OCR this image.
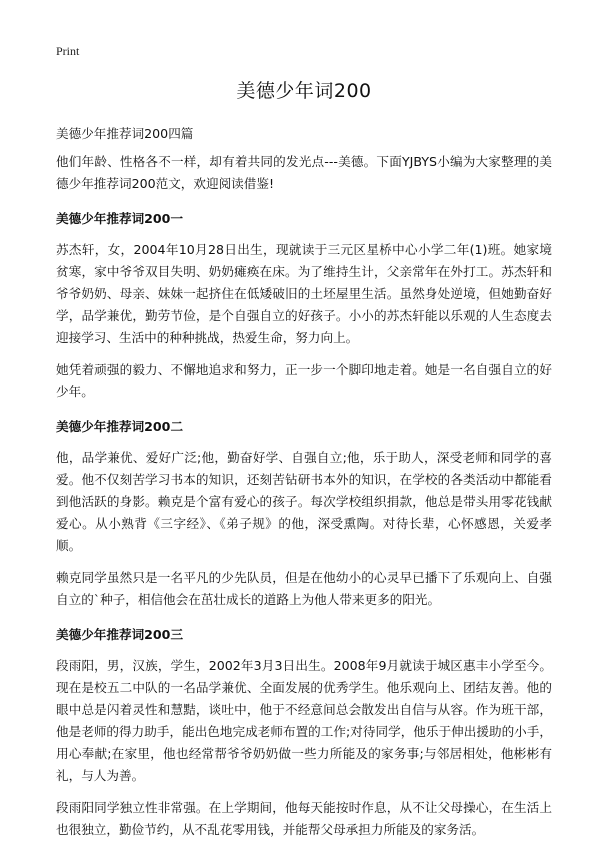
Print
美德少年词200
美德少年推荐词200四篇

他们年龄、性格各不一样，却有着共同的发光点---美德。下面YJBYS小编为大家整理的美德少年推荐词200范文，欢迎阅读借鉴!

美德少年推荐词200一

苏杰轩，女，2004年10月28日出生，现就读于三元区星桥中心小学二年(1)班。她家境贫寒，家中爷爷双目失明、奶奶瘫痪在床。为了维持生计，父亲常年在外打工。苏杰轩和爷爷奶奶、母亲、妹妹一起挤住在低矮破旧的土坯屋里生活。虽然身处逆境，但她勤奋好学，品学兼优，勤劳节俭，是个自强自立的好孩子。小小的苏杰轩能以乐观的人生态度去迎接学习、生活中的种种挑战，热爱生命，努力向上。

她凭着顽强的毅力、不懈地追求和努力，正一步一个脚印地走着。她是一名自强自立的好少年。

美德少年推荐词200二

他，品学兼优、爱好广泛;他，勤奋好学、自强自立;他，乐于助人，深受老师和同学的喜爱。他不仅刻苦学习书本的知识，还刻苦钻研书本外的知识，在学校的各类活动中都能看到他活跃的身影。赖克是个富有爱心的孩子。每次学校组织捐款，他总是带头用零花钱献爱心。从小熟背《三字经》、《弟子规》的他，深受熏陶。对待长辈，心怀感恩，关爱孝顺。

赖克同学虽然只是一名平凡的少先队员，但是在他幼小的心灵早已播下了乐观向上、自强自立的`种子，相信他会在茁壮成长的道路上为他人带来更多的阳光。

美德少年推荐词200三

段雨阳，男，汉族，学生，2002年3月3日出生。2008年9月就读于城区惠丰小学至今。现在是校五二中队的一名品学兼优、全面发展的优秀学生。他乐观向上、团结友善。他的眼中总是闪着灵性和慧黠，谈吐中，他于不经意间总会散发出自信与从容。作为班干部，他是老师的得力助手，能出色地完成老师布置的工作;对待同学，他乐于伸出援助的小手，用心奉献;在家里，他也经常帮爷爷奶奶做一些力所能及的家务事;与邻居相处，他彬彬有礼，与人为善。

段雨阳同学独立性非常强。在上学期间，他每天能按时作息，从不让父母操心，在生活上也很独立，勤俭节约，从不乱花零用钱，并能帮父母承担力所能及的家务活。
